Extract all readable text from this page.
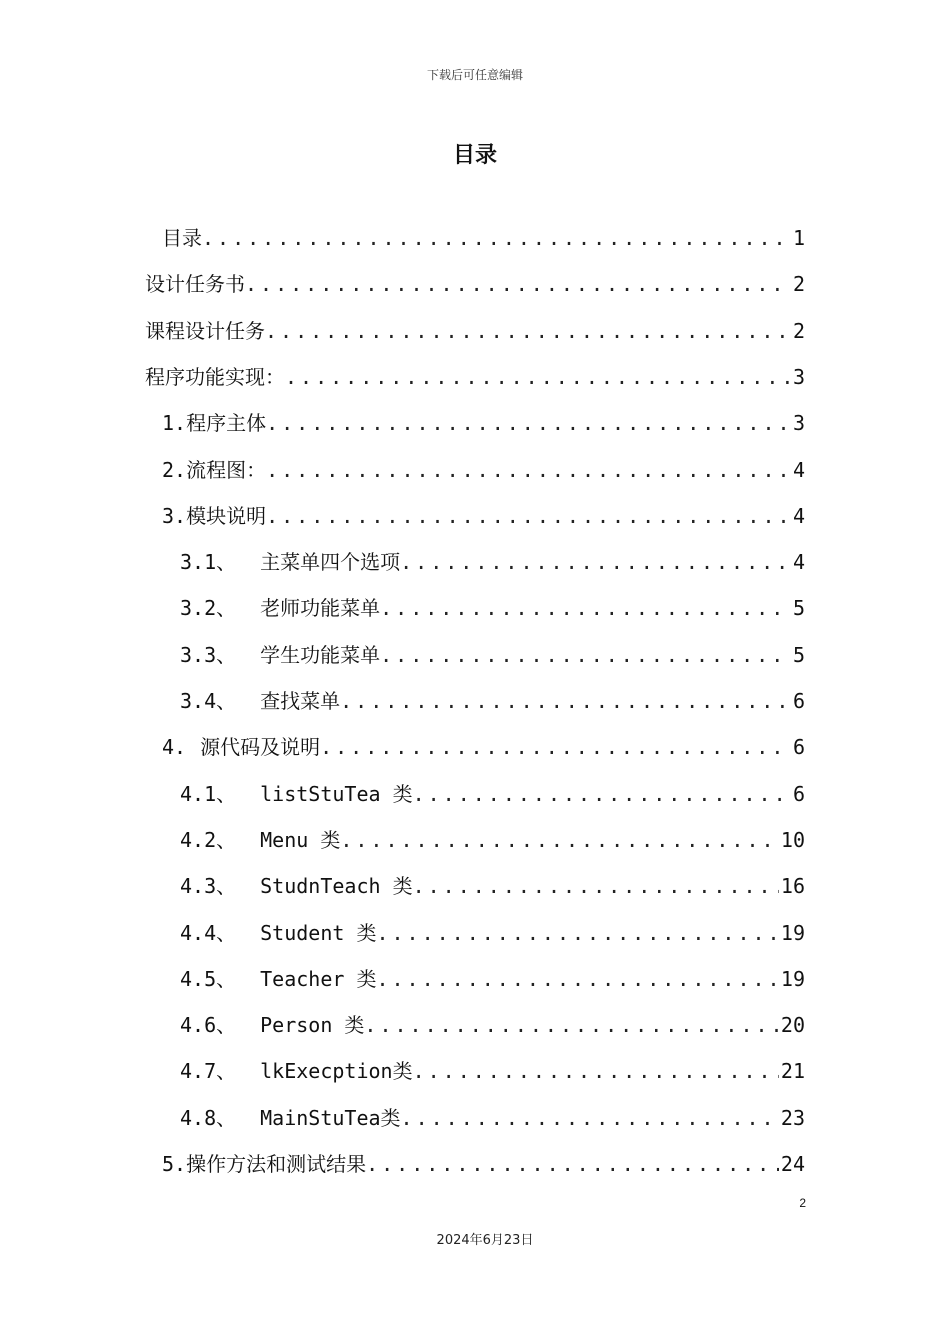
下载后可任意编辑
目录
目录 .....	1
设计任务书 .....	2
课程设计任务 .....	2
程序功能实现： .....	3
1. 程序主体 .....	3
2. 流程图： .....	4
3. 模块说明 .....	4
3.1、 主菜单四个选项 .....	4
3.2、 老师功能菜单 .....	5
3.3、 学生功能菜单 .....	5
3.4、 查找菜单 .....	6
4. 源代码及说明 .....	6
4.1、 listStuTea 类 .....	6
4.2、 Menu 类 .....	10
4.3、 StudnTeach 类 .....	16
4.4、 Student 类 .....	19
4.5、 Teacher 类 .....	19
4.6、 Person 类 .....	20
4.7、 lkExecption类 .....	21
4.8、 MainStuTea类 .....	23
5. 操作方法和测试结果 .....	24
2
2024年6月23日
